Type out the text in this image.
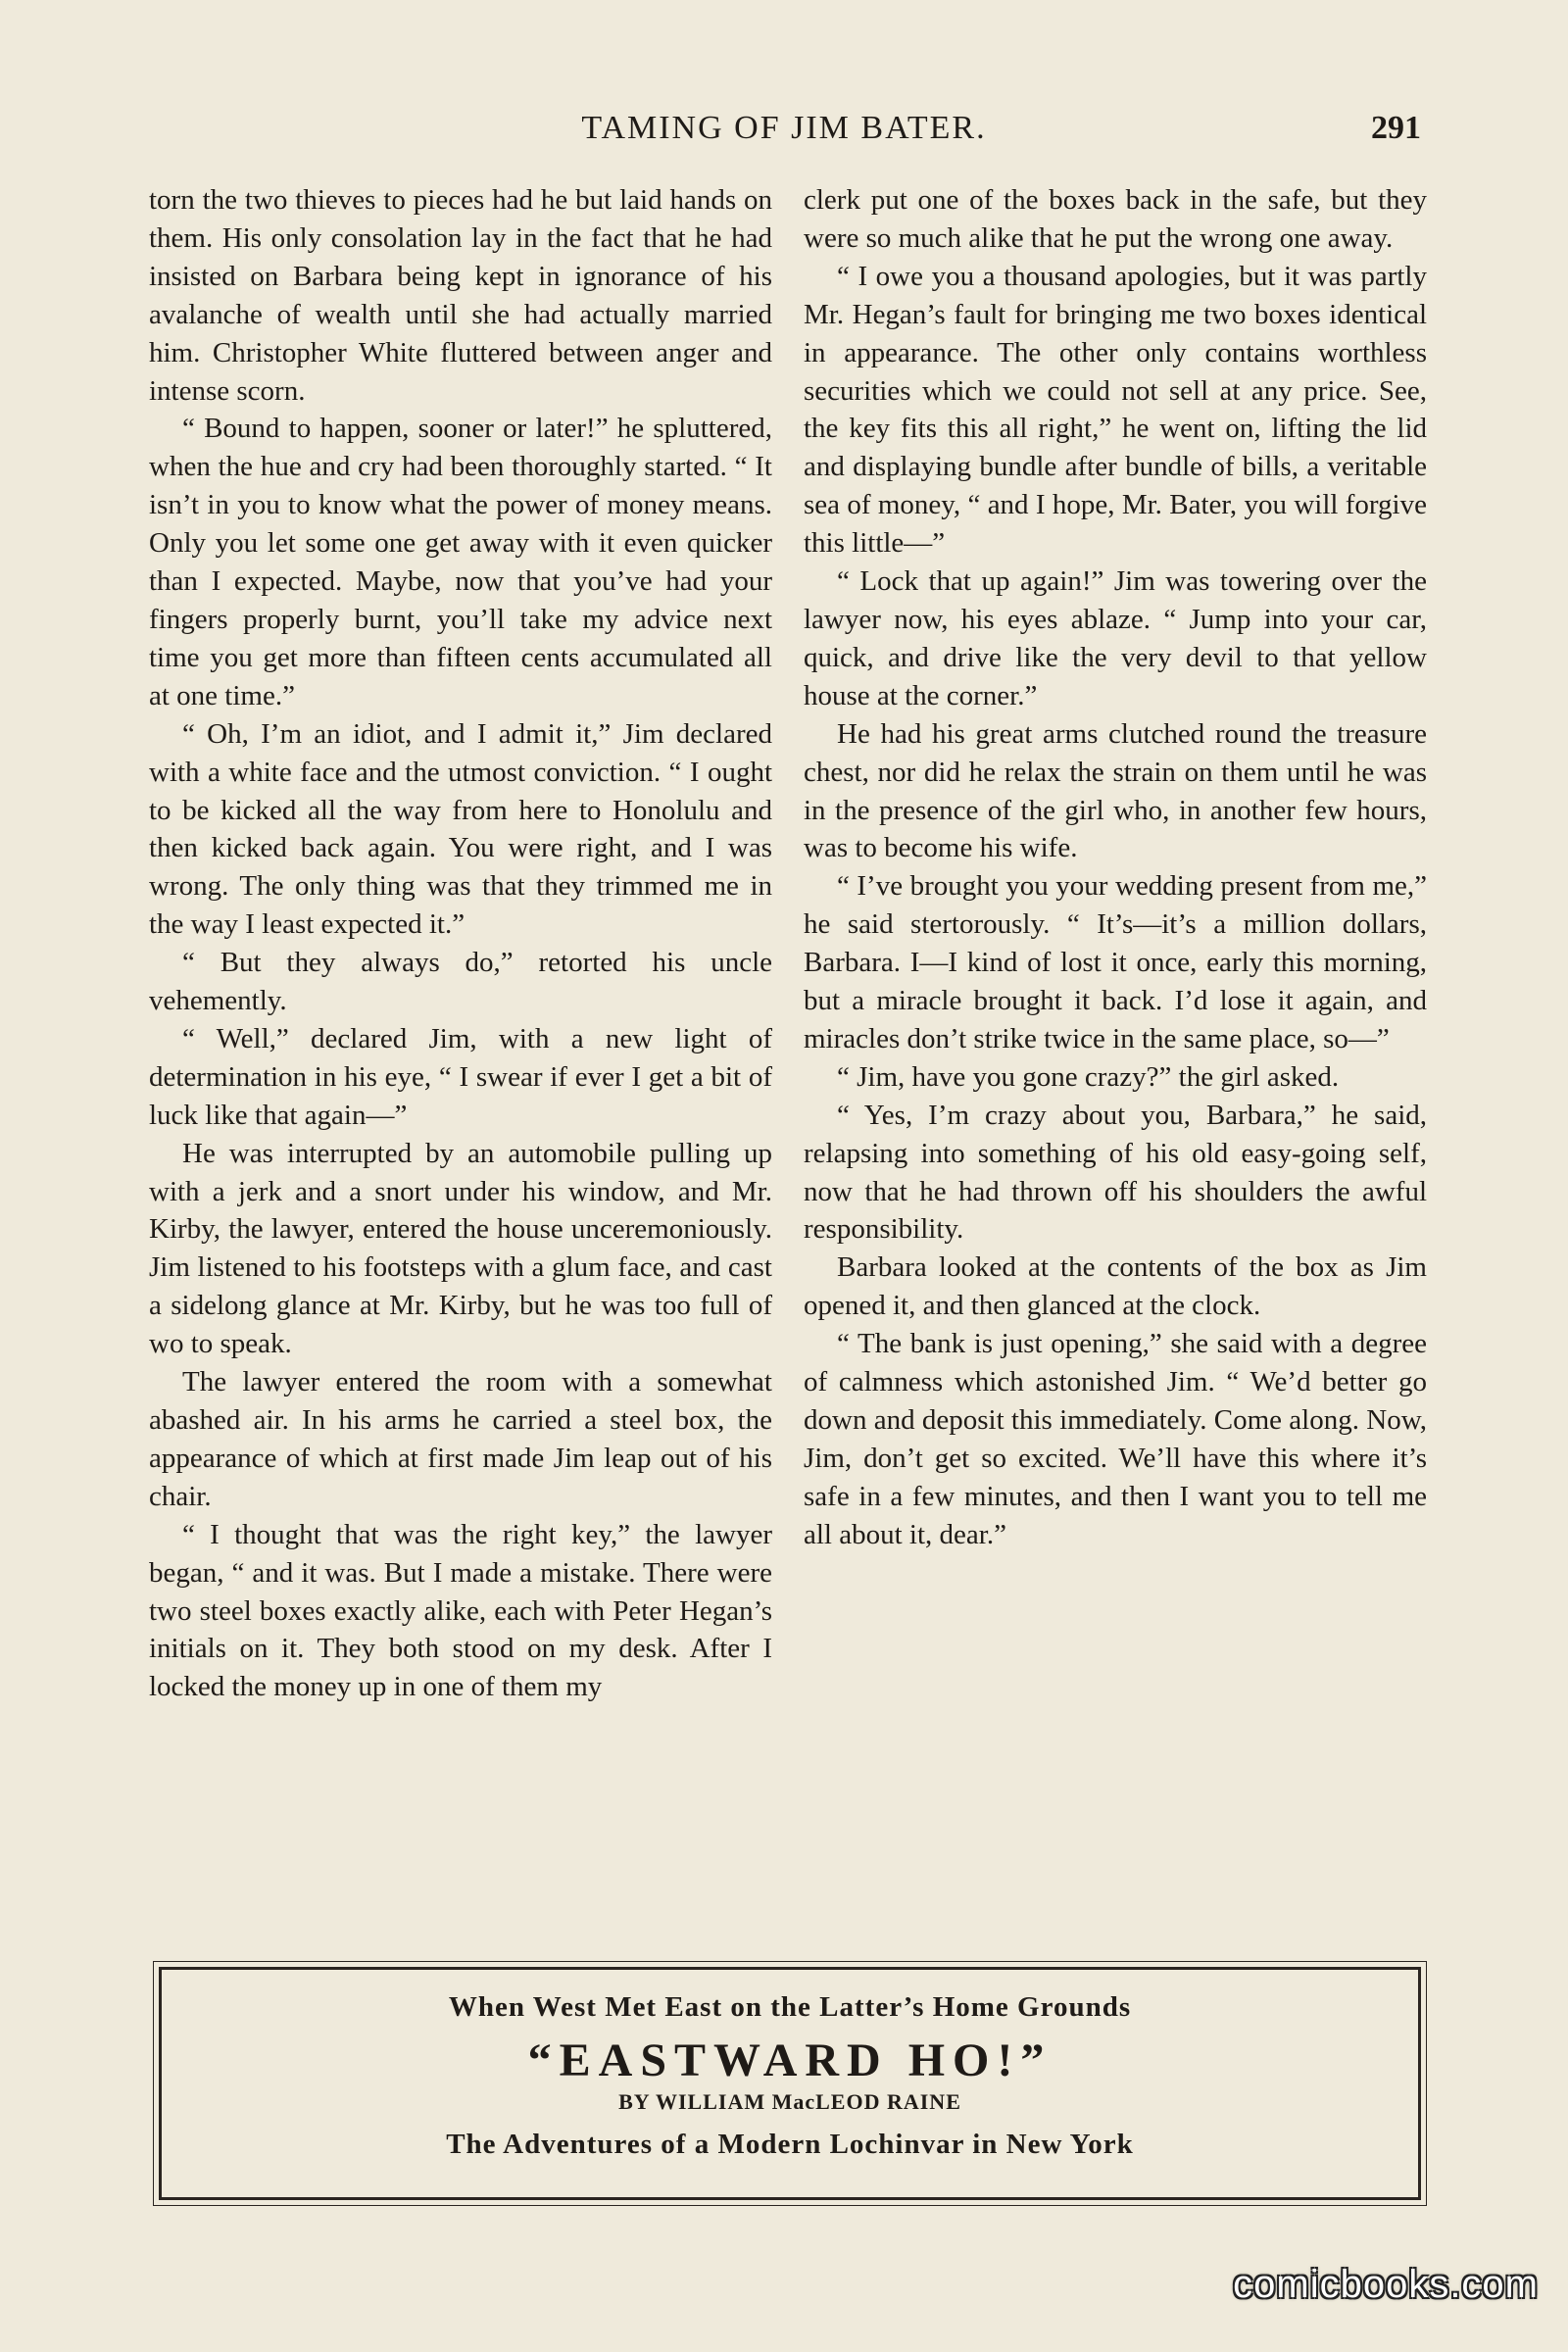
TAMING OF JIM BATER.	291

torn the two thieves to pieces had he but laid hands on them. His only consolation lay in the fact that he had insisted on Barbara being kept in ignorance of his avalanche of wealth until she had actually married him. Christopher White fluttered between anger and intense scorn.

“ Bound to happen, sooner or later!” he spluttered, when the hue and cry had been thoroughly started. “ It isn’t in you to know what the power of money means. Only you let some one get away with it even quicker than I expected. Maybe, now that you’ve had your fingers properly burnt, you’ll take my advice next time you get more than fifteen cents accumulated all at one time.”

“ Oh, I’m an idiot, and I admit it,” Jim declared with a white face and the utmost conviction. “ I ought to be kicked all the way from here to Honolulu and then kicked back again. You were right, and I was wrong. The only thing was that they trimmed me in the way I least expected it.”

“ But they always do,” retorted his uncle vehemently.

“ Well,” declared Jim, with a new light of determination in his eye, “ I swear if ever I get a bit of luck like that again—”

He was interrupted by an automobile pulling up with a jerk and a snort under his window, and Mr. Kirby, the lawyer, entered the house unceremoniously. Jim listened to his footsteps with a glum face, and cast a sidelong glance at Mr. Kirby, but he was too full of wo to speak.

The lawyer entered the room with a somewhat abashed air. In his arms he carried a steel box, the appearance of which at first made Jim leap out of his chair.

“ I thought that was the right key,” the lawyer began, “ and it was. But I made a mistake. There were two steel boxes exactly alike, each with Peter Hegan’s initials on it. They both stood on my desk. After I locked the money up in one of them my

clerk put one of the boxes back in the safe, but they were so much alike that he put the wrong one away.

“ I owe you a thousand apologies, but it was partly Mr. Hegan’s fault for bringing me two boxes identical in appearance. The other only contains worthless securities which we could not sell at any price. See, the key fits this all right,” he went on, lifting the lid and displaying bundle after bundle of bills, a veritable sea of money, “ and I hope, Mr. Bater, you will forgive this little—”

“ Lock that up again!” Jim was towering over the lawyer now, his eyes ablaze. “ Jump into your car, quick, and drive like the very devil to that yellow house at the corner.”

He had his great arms clutched round the treasure chest, nor did he relax the strain on them until he was in the presence of the girl who, in another few hours, was to become his wife.

“ I’ve brought you your wedding present from me,” he said stertorously. “ It’s—it’s a million dollars, Barbara. I—I kind of lost it once, early this morning, but a miracle brought it back. I’d lose it again, and miracles don’t strike twice in the same place, so—”

“ Jim, have you gone crazy?” the girl asked.

“ Yes, I’m crazy about you, Barbara,” he said, relapsing into something of his old easy-going self, now that he had thrown off his shoulders the awful responsibility.

Barbara looked at the contents of the box as Jim opened it, and then glanced at the clock.

“ The bank is just opening,” she said with a degree of calmness which astonished Jim. “ We’d better go down and deposit this immediately. Come along. Now, Jim, don’t get so excited. We’ll have this where it’s safe in a few minutes, and then I want you to tell me all about it, dear.”

When West Met East on the Latter’s Home Grounds
“EASTWARD HO!”
BY WILLIAM MacLEOD RAINE
The Adventures of a Modern Lochinvar in New York
comicbooks.com
